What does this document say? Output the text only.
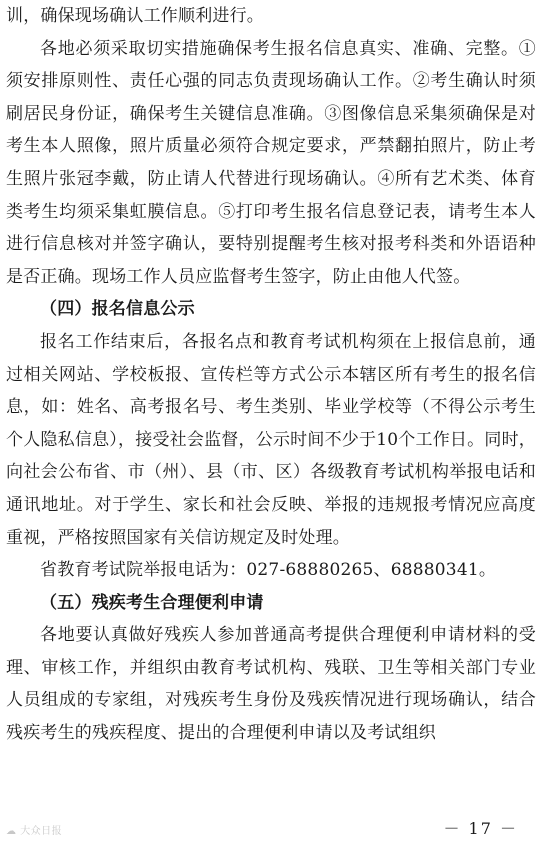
训，确保现场确认工作顺利进行。

各地必须采取切实措施确保考生报名信息真实、准确、完整。①须安排原则性、责任心强的同志负责现场确认工作。②考生确认时须刷居民身份证，确保考生关键信息准确。③图像信息采集须确保是对考生本人照像，照片质量必须符合规定要求，严禁翻拍照片，防止考生照片张冠李戴，防止请人代替进行现场确认。④所有艺术类、体育类考生均须采集虹膜信息。⑤打印考生报名信息登记表，请考生本人进行信息核对并签字确认，要特别提醒考生核对报考科类和外语语种是否正确。现场工作人员应监督考生签字，防止由他人代签。

（四）报名信息公示

报名工作结束后，各报名点和教育考试机构须在上报信息前，通过相关网站、学校板报、宣传栏等方式公示本辖区所有考生的报名信息，如：姓名、高考报名号、考生类别、毕业学校等（不得公示考生个人隐私信息），接受社会监督，公示时间不少于10个工作日。同时，向社会公布省、市（州）、县（市、区）各级教育考试机构举报电话和通讯地址。对于学生、家长和社会反映、举报的违规报考情况应高度重视，严格按照国家有关信访规定及时处理。

省教育考试院举报电话为：027-68880265、68880341。

（五）残疾考生合理便利申请

各地要认真做好残疾人参加普通高考提供合理便利申请材料的受理、审核工作，并组织由教育考试机构、残联、卫生等相关部门专业人员组成的专家组，对残疾考生身份及残疾情况进行现场确认，结合残疾考生的残疾程度、提出的合理便利申请以及考试组织

☁ 大众日报	－ 17 －
